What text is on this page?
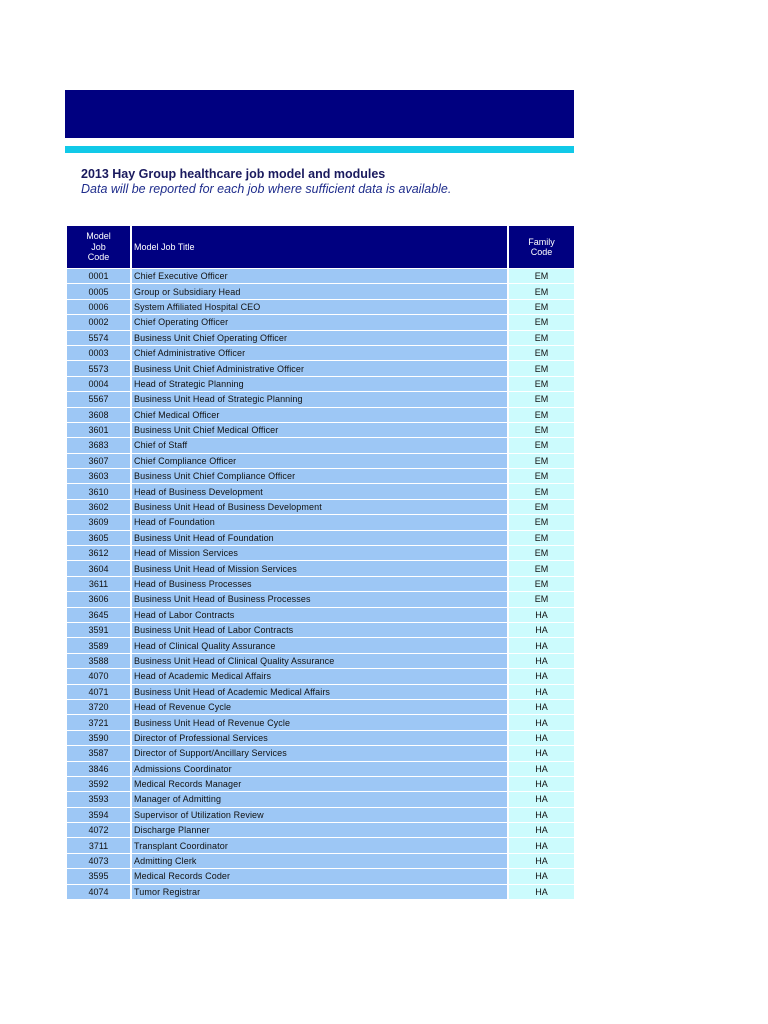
2013 Hay Group healthcare job model and modules
Data will be reported for each job where sufficient data is available.
Model Job Code	Model Job Title	Family Code
0001	Chief Executive Officer	EM
0005	Group or Subsidiary Head	EM
0006	System Affiliated Hospital CEO	EM
0002	Chief Operating Officer	EM
5574	Business Unit Chief Operating Officer	EM
0003	Chief Administrative Officer	EM
5573	Business Unit Chief Administrative Officer	EM
0004	Head of Strategic Planning	EM
5567	Business Unit Head of Strategic Planning	EM
3608	Chief Medical Officer	EM
3601	Business Unit Chief Medical Officer	EM
3683	Chief of Staff	EM
3607	Chief Compliance Officer	EM
3603	Business Unit Chief Compliance Officer	EM
3610	Head of Business Development	EM
3602	Business Unit Head of Business Development	EM
3609	Head of Foundation	EM
3605	Business Unit Head of Foundation	EM
3612	Head of Mission Services	EM
3604	Business Unit Head of Mission Services	EM
3611	Head of Business Processes	EM
3606	Business Unit Head of Business Processes	EM
3645	Head of Labor Contracts	HA
3591	Business Unit Head of Labor Contracts	HA
3589	Head of Clinical Quality Assurance	HA
3588	Business Unit Head of Clinical Quality Assurance	HA
4070	Head of Academic Medical Affairs	HA
4071	Business Unit Head of Academic Medical Affairs	HA
3720	Head of Revenue Cycle	HA
3721	Business Unit Head of Revenue Cycle	HA
3590	Director of Professional Services	HA
3587	Director of Support/Ancillary Services	HA
3846	Admissions Coordinator	HA
3592	Medical Records Manager	HA
3593	Manager of Admitting	HA
3594	Supervisor of Utilization Review	HA
4072	Discharge Planner	HA
3711	Transplant Coordinator	HA
4073	Admitting Clerk	HA
3595	Medical Records Coder	HA
4074	Tumor Registrar	HA
